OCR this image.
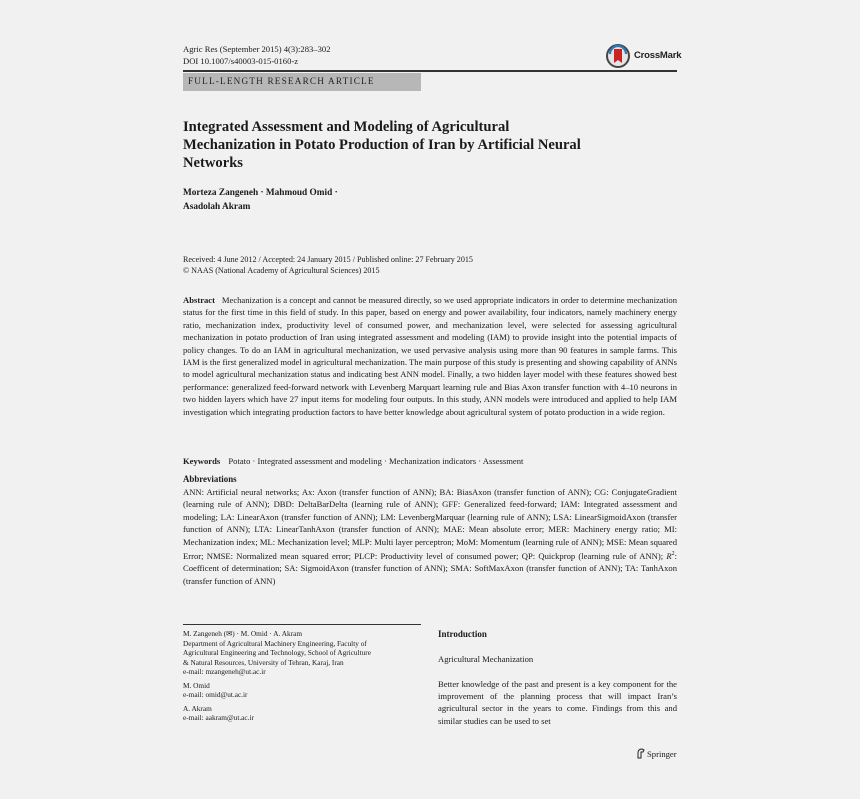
Agric Res (September 2015) 4(3):283–302
DOI 10.1007/s40003-015-0160-z	CrossMark
FULL-LENGTH RESEARCH ARTICLE
Integrated Assessment and Modeling of Agricultural
Mechanization in Potato Production of Iran by Artificial Neural
Networks
Morteza Zangeneh · Mahmoud Omid ·
Asadolah Akram
Received: 4 June 2012 / Accepted: 24 January 2015 / Published online: 27 February 2015
© NAAS (National Academy of Agricultural Sciences) 2015
Abstract Mechanization is a concept and cannot be measured directly, so we used appropriate indicators in order to determine mechanization status for the first time in this field of study. In this paper, based on energy and power availability, four indicators, namely machinery energy ratio, mechanization index, productivity level of consumed power, and mechanization level, were selected for assessing agricultural mechanization in potato production of Iran using integrated assessment and modeling (IAM) to provide insight into the potential impacts of policy changes. To do an IAM in agricultural mechanization, we used pervasive analysis using more than 90 features in sample farms. This IAM is the first generalized model in agricultural mechanization. The main purpose of this study is presenting and showing capability of ANNs to model agricultural mechanization status and indicating best ANN model. Finally, a two hidden layer model with these features showed best performance: generalized feed-forward network with Levenberg Marquart learning rule and Bias Axon transfer function with 4–10 neurons in two hidden layers which have 27 input items for modeling four outputs. In this study, ANN models were introduced and applied to help IAM investigation which integrating production factors to have better knowledge about agricultural system of potato production in a wide region.
Keywords Potato · Integrated assessment and modeling · Mechanization indicators · Assessment
Abbreviations
ANN: Artificial neural networks; Ax: Axon (transfer function of ANN); BA: BiasAxon (transfer function of ANN); CG: ConjugateGradient (learning rule of ANN); DBD: DeltaBarDelta (learning rule of ANN); GFF: Generalized feed-forward; IAM: Integrated assessment and modeling; LA: LinearAxon (transfer function of ANN); LM: LevenbergMarquar (learning rule of ANN); LSA: LinearSigmoidAxon (transfer function of ANN); LTA: LinearTanhAxon (transfer function of ANN); MAE: Mean absolute error; MER: Machinery energy ratio; MI: Mechanization index; ML: Mechanization level; MLP: Multi layer perceptron; MoM: Momentum (learning rule of ANN); MSE: Mean squared Error; NMSE: Normalized mean squared error; PLCP: Productivity level of consumed power; QP: Quickprop (learning rule of ANN); $R^2$: Coefficent of determination; SA: SigmoidAxon (transfer function of ANN); SMA: SoftMaxAxon (transfer function of ANN); TA: TanhAxon (transfer function of ANN)
M. Zangeneh (✉) · M. Omid · A. Akram
Department of Agricultural Machinery Engineering, Faculty of
Agricultural Engineering and Technology, School of Agriculture
& Natural Resources, University of Tehran, Karaj, Iran
e-mail: mzangeneh@ut.ac.ir
M. Omid
e-mail: omid@ut.ac.ir
A. Akram
e-mail: aakram@ut.ac.ir
Introduction
Agricultural Mechanization
Better knowledge of the past and present is a key component for the improvement of the planning process that will impact Iran’s agricultural sector in the years to come. Findings from this and similar studies can be used to set
Springer
